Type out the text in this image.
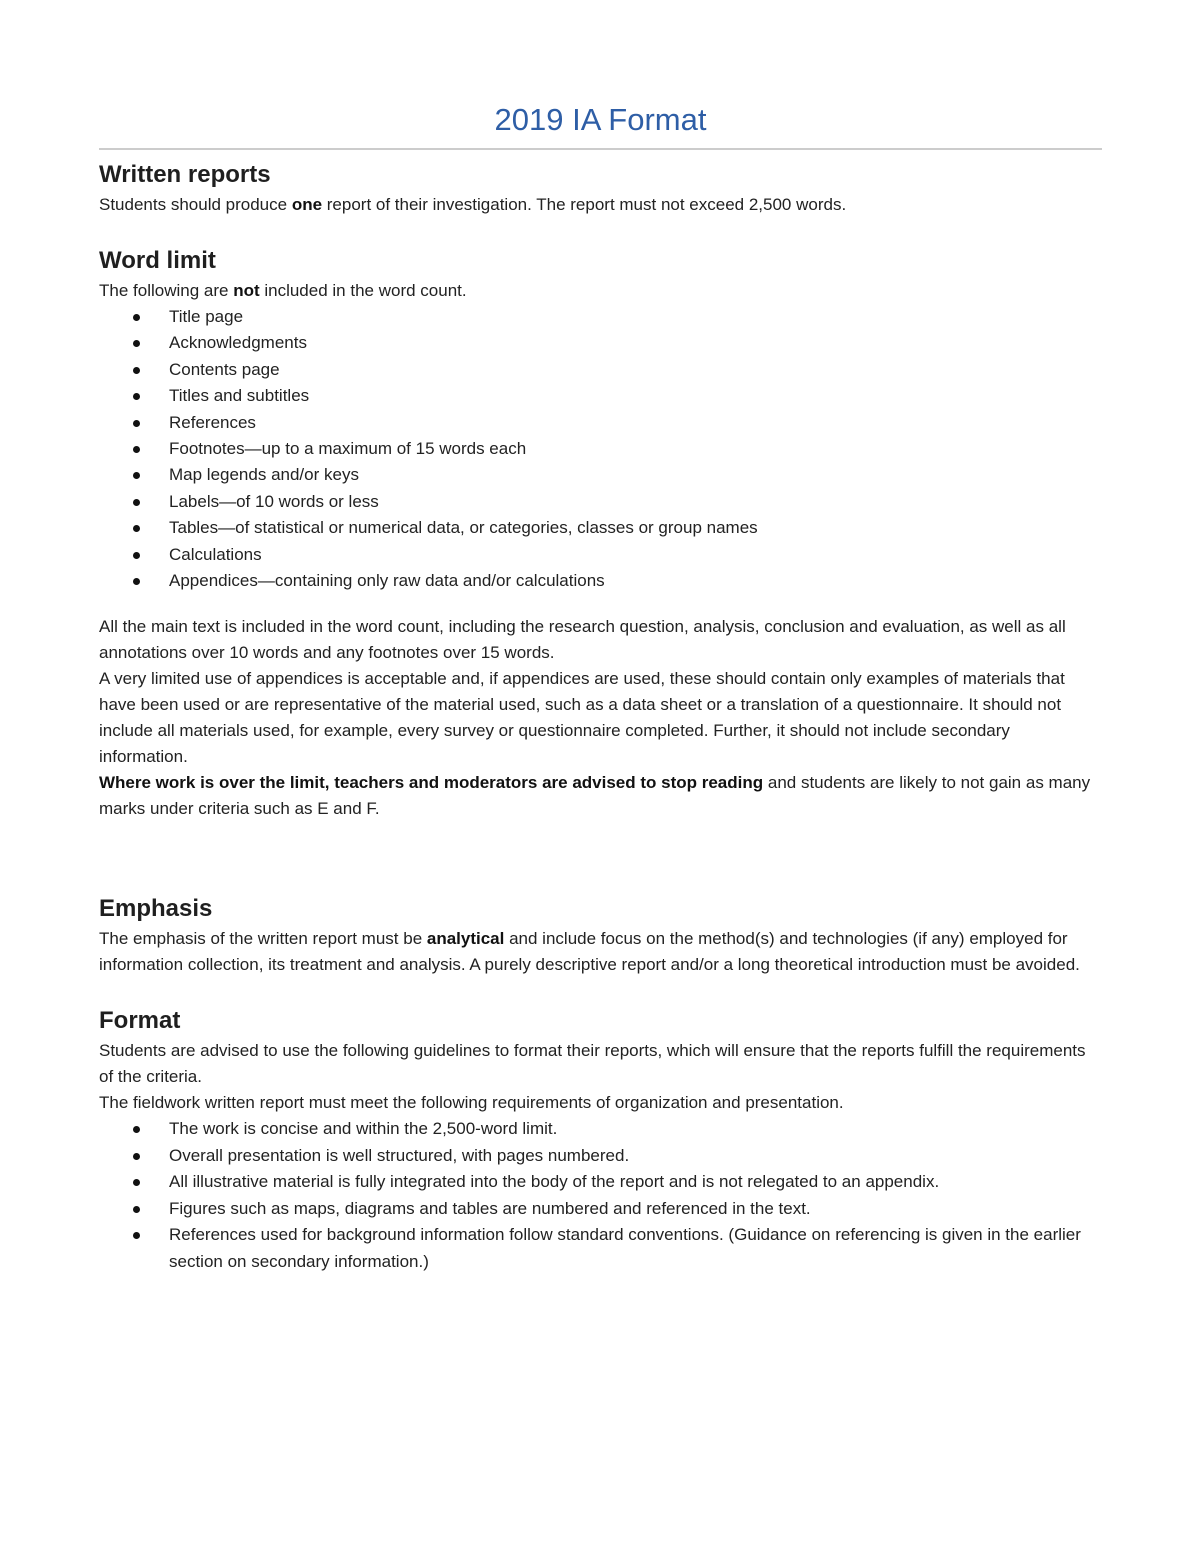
2019 IA Format
Written reports

Students should produce one report of their investigation. The report must not exceed 2,500 words.

Word limit

The following are not included in the word count.

Title page
Acknowledgments
Contents page
Titles and subtitles
References
Footnotes—up to a maximum of 15 words each
Map legends and/or keys
Labels—of 10 words or less
Tables—of statistical or numerical data, or categories, classes or group names
Calculations
Appendices—containing only raw data and/or calculations

All the main text is included in the word count, including the research question, analysis, conclusion and evaluation, as well as all annotations over 10 words and any footnotes over 15 words.

A very limited use of appendices is acceptable and, if appendices are used, these should contain only examples of materials that have been used or are representative of the material used, such as a data sheet or a translation of a questionnaire. It should not include all materials used, for example, every survey or questionnaire completed. Further, it should not include secondary information.

Where work is over the limit, teachers and moderators are advised to stop reading and students are likely to not gain as many marks under criteria such as E and F.

Emphasis

The emphasis of the written report must be analytical and include focus on the method(s) and technologies (if any) employed for information collection, its treatment and analysis. A purely descriptive report and/or a long theoretical introduction must be avoided.

Format

Students are advised to use the following guidelines to format their reports, which will ensure that the reports fulfill the requirements of the criteria.

The fieldwork written report must meet the following requirements of organization and presentation.

The work is concise and within the 2,500-word limit.
Overall presentation is well structured, with pages numbered.
All illustrative material is fully integrated into the body of the report and is not relegated to an appendix.
Figures such as maps, diagrams and tables are numbered and referenced in the text.
References used for background information follow standard conventions. (Guidance on referencing is given in the earlier section on secondary information.)
